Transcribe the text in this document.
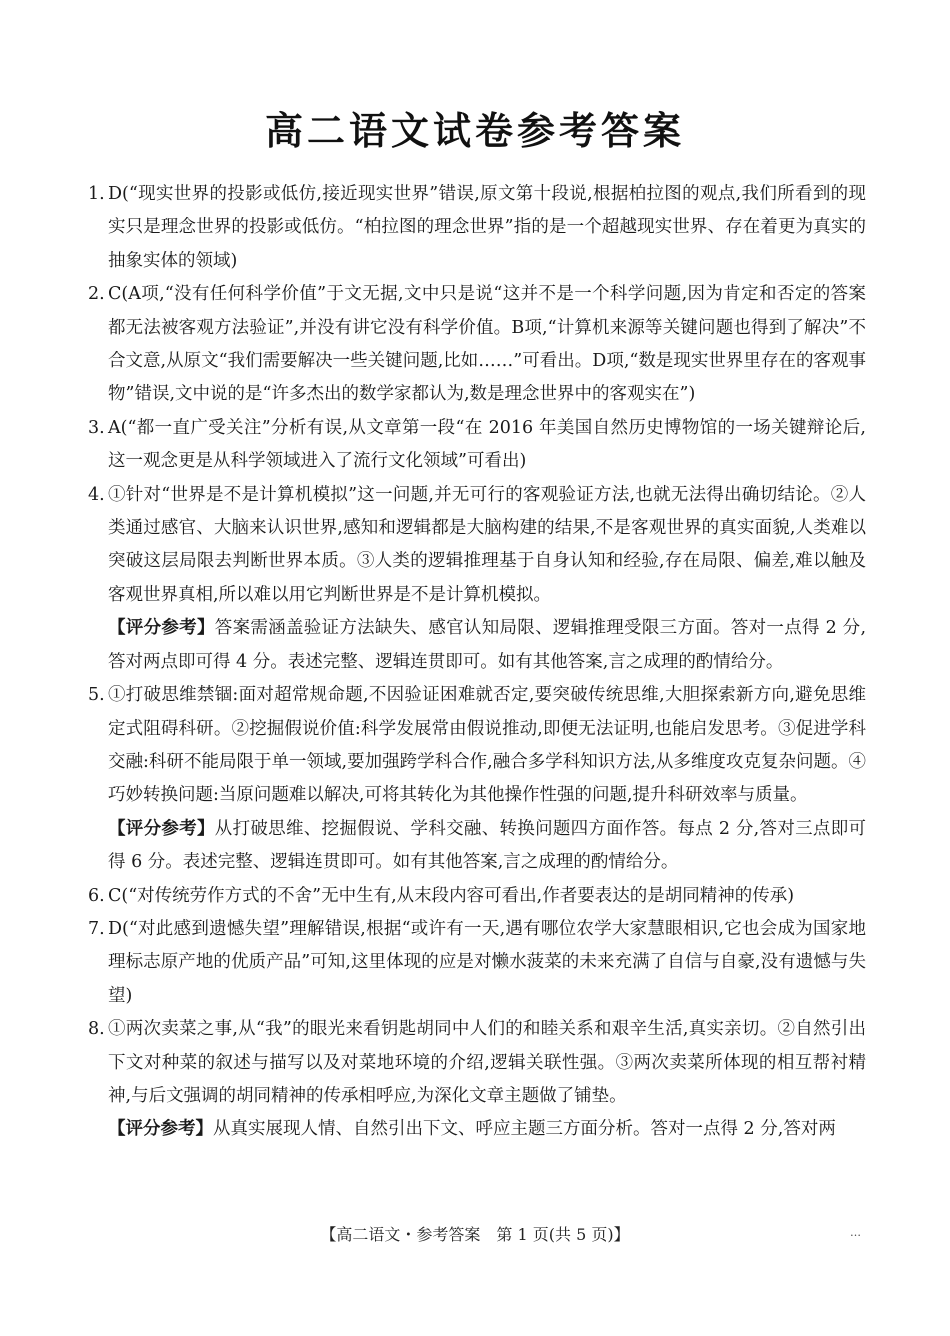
高二语文试卷参考答案
1. D(“现实世界的投影或低仿,接近现实世界”错误,原文第十段说,根据柏拉图的观点,我们所看到的现实只是理念世界的投影或低仿。“柏拉图的理念世界”指的是一个超越现实世界、存在着更为真实的抽象实体的领域)
2. C(A项,“没有任何科学价值”于文无据,文中只是说“这并不是一个科学问题,因为肯定和否定的答案都无法被客观方法验证”,并没有讲它没有科学价值。B项,“计算机来源等关键问题也得到了解决”不合文意,从原文“我们需要解决一些关键问题,比如……”可看出。D项,“数是现实世界里存在的客观事物”错误,文中说的是“许多杰出的数学家都认为,数是理念世界中的客观实在”)
3. A(“都一直广受关注”分析有误,从文章第一段“在 2016 年美国自然历史博物馆的一场关键辩论后,这一观念更是从科学领域进入了流行文化领域”可看出)
4. ①针对“世界是不是计算机模拟”这一问题,并无可行的客观验证方法,也就无法得出确切结论。②人类通过感官、大脑来认识世界,感知和逻辑都是大脑构建的结果,不是客观世界的真实面貌,人类难以突破这层局限去判断世界本质。③人类的逻辑推理基于自身认知和经验,存在局限、偏差,难以触及客观世界真相,所以难以用它判断世界是不是计算机模拟。

【评分参考】答案需涵盖验证方法缺失、感官认知局限、逻辑推理受限三方面。答对一点得 2 分,答对两点即可得 4 分。表述完整、逻辑连贯即可。如有其他答案,言之成理的酌情给分。

5. ①打破思维禁锢:面对超常规命题,不因验证困难就否定,要突破传统思维,大胆探索新方向,避免思维定式阻碍科研。②挖掘假说价值:科学发展常由假说推动,即便无法证明,也能启发思考。③促进学科交融:科研不能局限于单一领域,要加强跨学科合作,融合多学科知识方法,从多维度攻克复杂问题。④巧妙转换问题:当原问题难以解决,可将其转化为其他操作性强的问题,提升科研效率与质量。

【评分参考】从打破思维、挖掘假说、学科交融、转换问题四方面作答。每点 2 分,答对三点即可得 6 分。表述完整、逻辑连贯即可。如有其他答案,言之成理的酌情给分。

6. C(“对传统劳作方式的不舍”无中生有,从末段内容可看出,作者要表达的是胡同精神的传承)
7. D(“对此感到遗憾失望”理解错误,根据“或许有一天,遇有哪位农学大家慧眼相识,它也会成为国家地理标志原产地的优质产品”可知,这里体现的应是对懒水菠菜的未来充满了自信与自豪,没有遗憾与失望)
8. ①两次卖菜之事,从“我”的眼光来看钥匙胡同中人们的和睦关系和艰辛生活,真实亲切。②自然引出下文对种菜的叙述与描写以及对菜地环境的介绍,逻辑关联性强。③两次卖菜所体现的相互帮衬精神,与后文强调的胡同精神的传承相呼应,为深化文章主题做了铺垫。

【评分参考】从真实展现人情、自然引出下文、呼应主题三方面分析。答对一点得 2 分,答对两

【高二语文・参考答案　第 1 页(共 5 页)】	…
